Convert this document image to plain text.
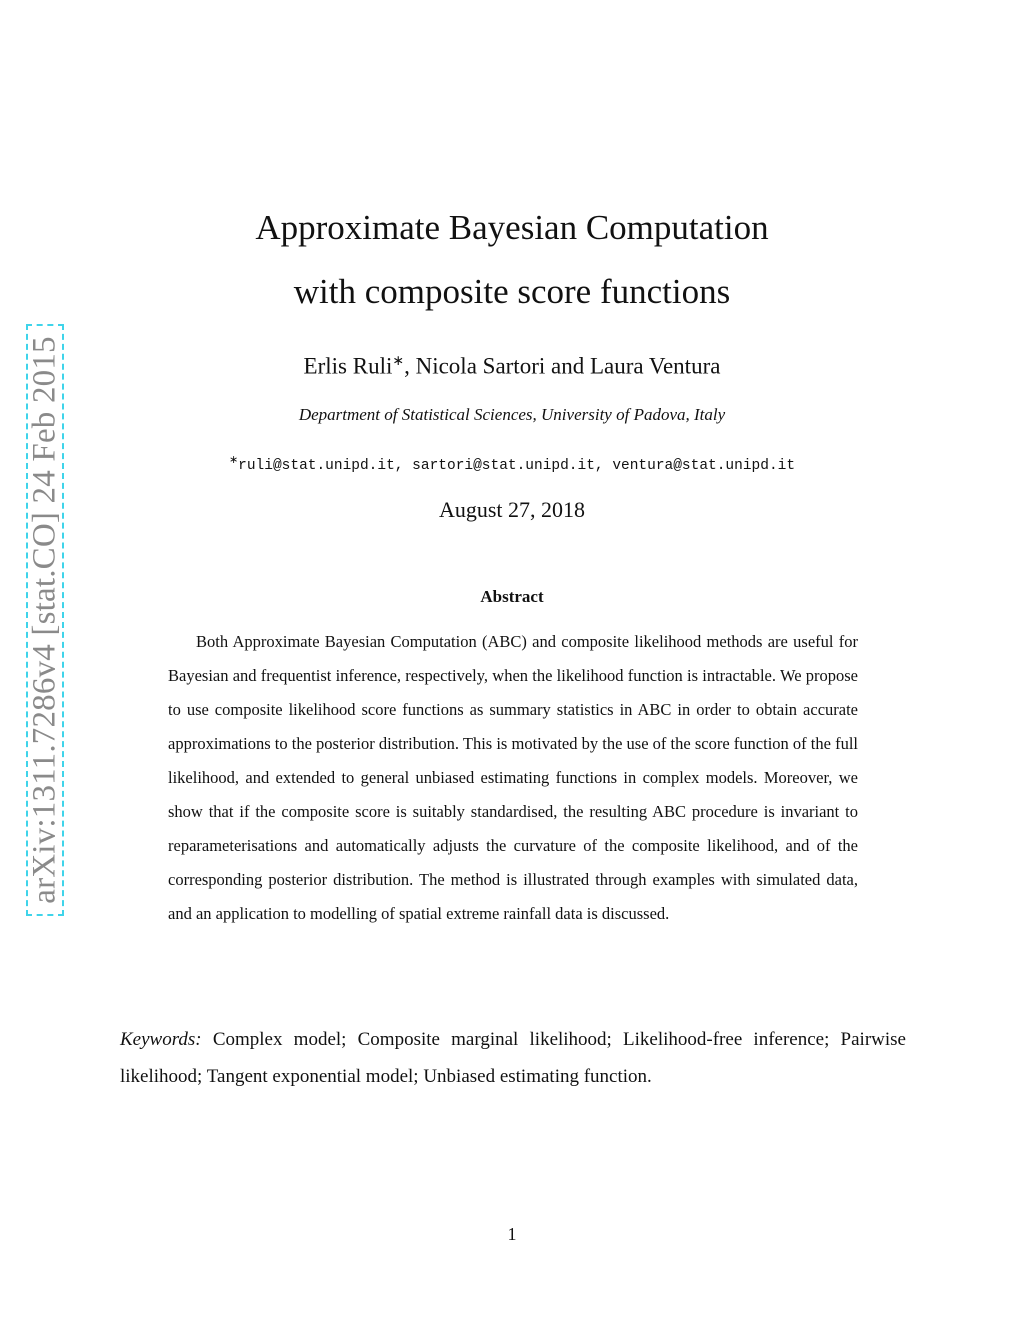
arXiv:1311.7286v4 [stat.CO] 24 Feb 2015
Approximate Bayesian Computation
with composite score functions
Erlis Ruli∗, Nicola Sartori and Laura Ventura
Department of Statistical Sciences, University of Padova, Italy
∗ruli@stat.unipd.it, sartori@stat.unipd.it, ventura@stat.unipd.it
August 27, 2018
Abstract

Both Approximate Bayesian Computation (ABC) and composite likelihood methods are useful for Bayesian and frequentist inference, respectively, when the likelihood function is intractable. We propose to use composite likelihood score functions as summary statistics in ABC in order to obtain accurate approximations to the posterior distribution. This is motivated by the use of the score function of the full likelihood, and extended to general unbiased estimating functions in complex models. Moreover, we show that if the composite score is suitably standardised, the resulting ABC procedure is invariant to reparameterisations and automatically adjusts the curvature of the composite likelihood, and of the corresponding posterior distribution. The method is illustrated through examples with simulated data, and an application to modelling of spatial extreme rainfall data is discussed.

Keywords: Complex model; Composite marginal likelihood; Likelihood-free inference; Pairwise likelihood; Tangent exponential model; Unbiased estimating function.

1
